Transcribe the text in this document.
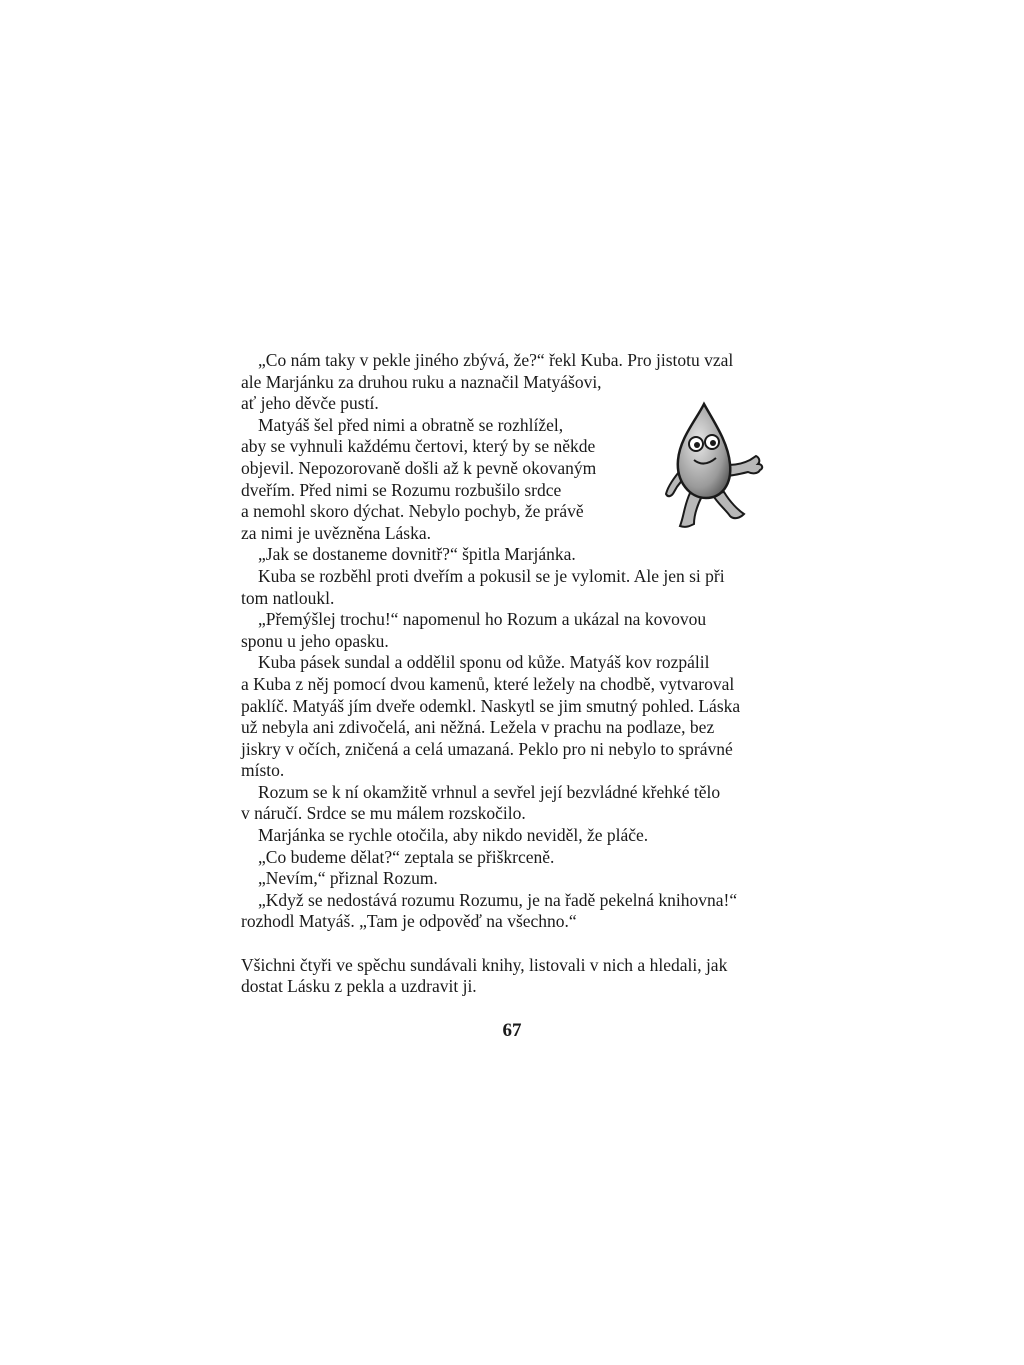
„Co nám taky v pekle jiného zbývá, že?“ řekl Kuba. Pro jistotu vzal
ale Marjánku za druhou ruku a naznačil Matyášovi,
ať jeho děvče pustí.
Matyáš šel před nimi a obratně se rozhlížel,
aby se vyhnuli každému čertovi, který by se někde
objevil. Nepozorovaně došli až k pevně okovaným
dveřím. Před nimi se Rozumu rozbušilo srdce
a nemohl skoro dýchat. Nebylo pochyb, že právě
za nimi je uvězněna Láska.
„Jak se dostaneme dovnitř?“ špitla Marjánka.
Kuba se rozběhl proti dveřím a pokusil se je vylomit. Ale jen si při
tom natloukl.
„Přemýšlej trochu!“ napomenul ho Rozum a ukázal na kovovou
sponu u jeho opasku.
Kuba pásek sundal a oddělil sponu od kůže. Matyáš kov rozpálil
a Kuba z něj pomocí dvou kamenů, které ležely na chodbě, vytvaroval
paklíč. Matyáš jím dveře odemkl. Naskytl se jim smutný pohled. Láska
už nebyla ani zdivočelá, ani něžná. Ležela v prachu na podlaze, bez
jiskry v očích, zničená a celá umazaná. Peklo pro ni nebylo to správné
místo.
Rozum se k ní okamžitě vrhnul a sevřel její bezvládné křehké tělo
v náručí. Srdce se mu málem rozskočilo.
Marjánka se rychle otočila, aby nikdo neviděl, že pláče.
„Co budeme dělat?“ zeptala se přiškrceně.
„Nevím,“ přiznal Rozum.
„Když se nedostává rozumu Rozumu, je na řadě pekelná knihovna!“
rozhodl Matyáš. „Tam je odpověď na všechno.“
Všichni čtyři ve spěchu sundávali knihy, listovali v nich a hledali, jak
dostat Lásku z pekla a uzdravit ji.
67
